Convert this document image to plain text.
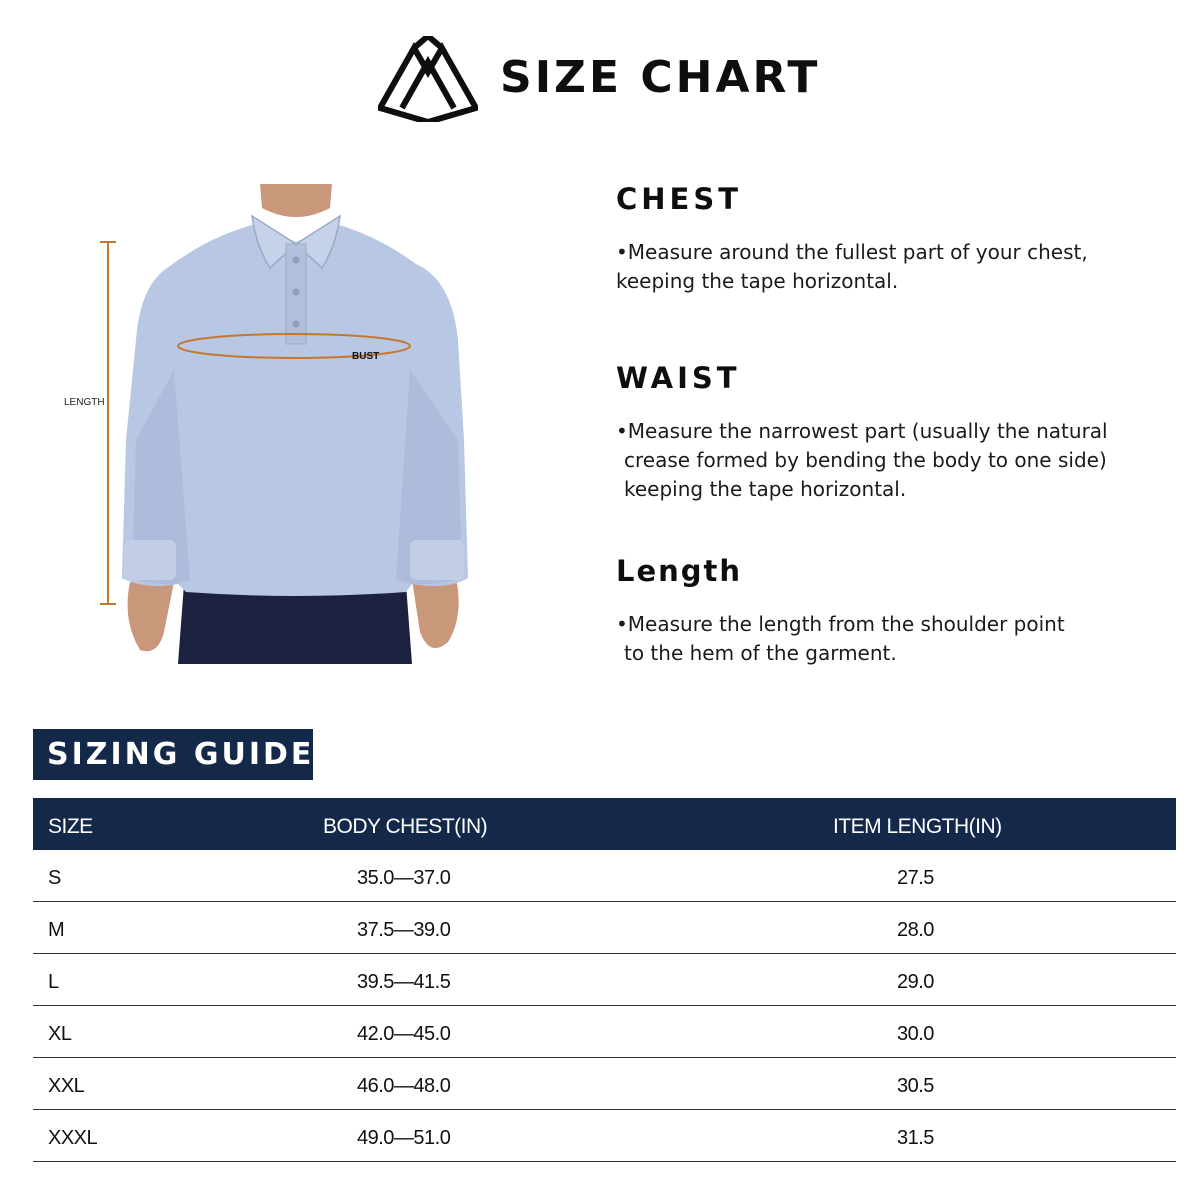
SIZE CHART
LENGTH
BUST
CHEST
•Measure around the fullest part of your chest,
keeping the tape horizontal.
WAIST
•Measure the narrowest part (usually the natural
crease formed by bending the body to one side)
keeping the tape horizontal.
Length
•Measure the length from the shoulder point
to the hem of the garment.
SIZING GUIDE
SIZE	BODY CHEST(IN)	ITEM LENGTH(IN)
S	35.0—37.0	27.5
M	37.5—39.0	28.0
L	39.5—41.5	29.0
XL	42.0—45.0	30.0
XXL	46.0—48.0	30.5
XXXL	49.0—51.0	31.5
